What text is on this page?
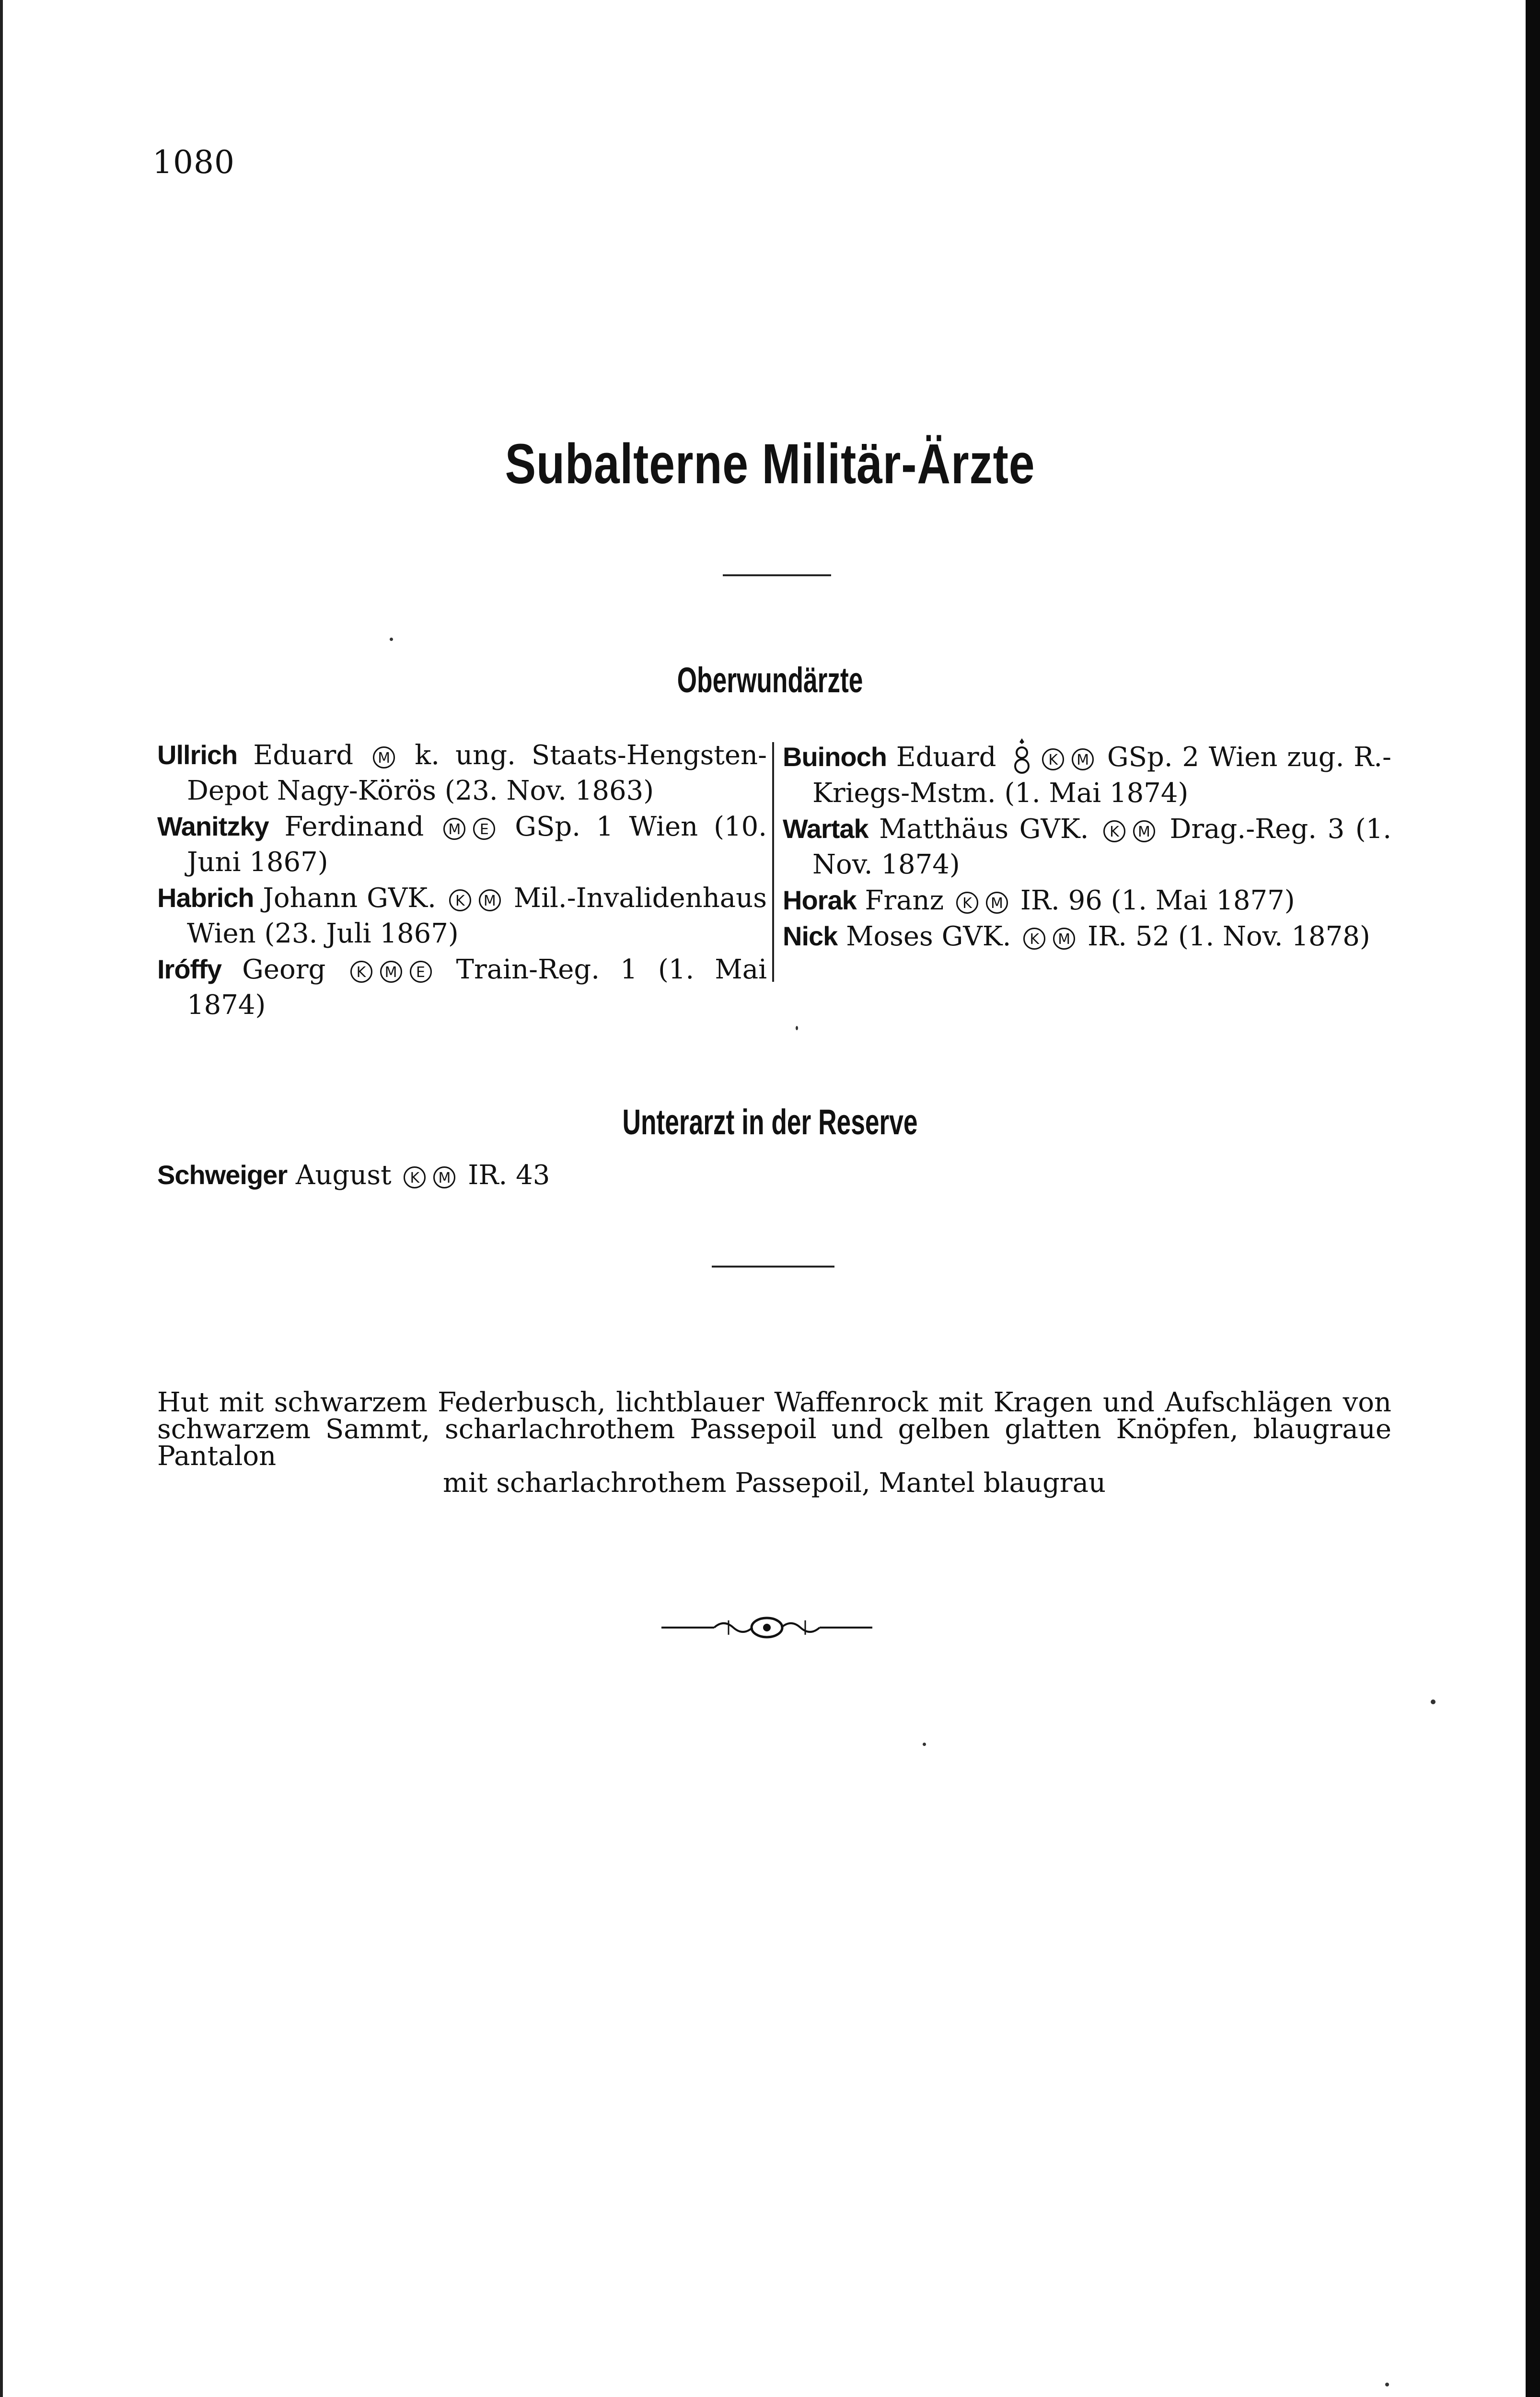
1080
Subalterne Militär-Ärzte
Oberwundärzte
Ullrich Eduard M k. ung. Staats-Hengsten-Depot Nagy-Körös (23. Nov. 1863)
Wanitzky Ferdinand M E GSp. 1 Wien (10. Juni 1867)
Habrich Johann GVK. K M Mil.-Invalidenhaus Wien (23. Juli 1867)
Iróffy Georg K M E Train-Reg. 1 (1. Mai 1874)
Buinoch Eduard	K M GSp. 2 Wien zug. R.-Kriegs-Mstm. (1. Mai 1874)
Wartak Matthäus GVK. K M Drag.-Reg. 3 (1. Nov. 1874)
Horak Franz K M IR. 96 (1. Mai 1877)
Nick Moses GVK. K M IR. 52 (1. Nov. 1878)
Unterarzt in der Reserve
Schweiger August K M IR. 43
Hut mit schwarzem Federbusch, lichtblauer Waffenrock mit Kragen und Aufschlägen von schwarzem Sammt, scharlachrothem Passepoil und gelben glatten Knöpfen, blaugraue Pantalon
mit scharlachrothem Passepoil, Mantel blaugrau
